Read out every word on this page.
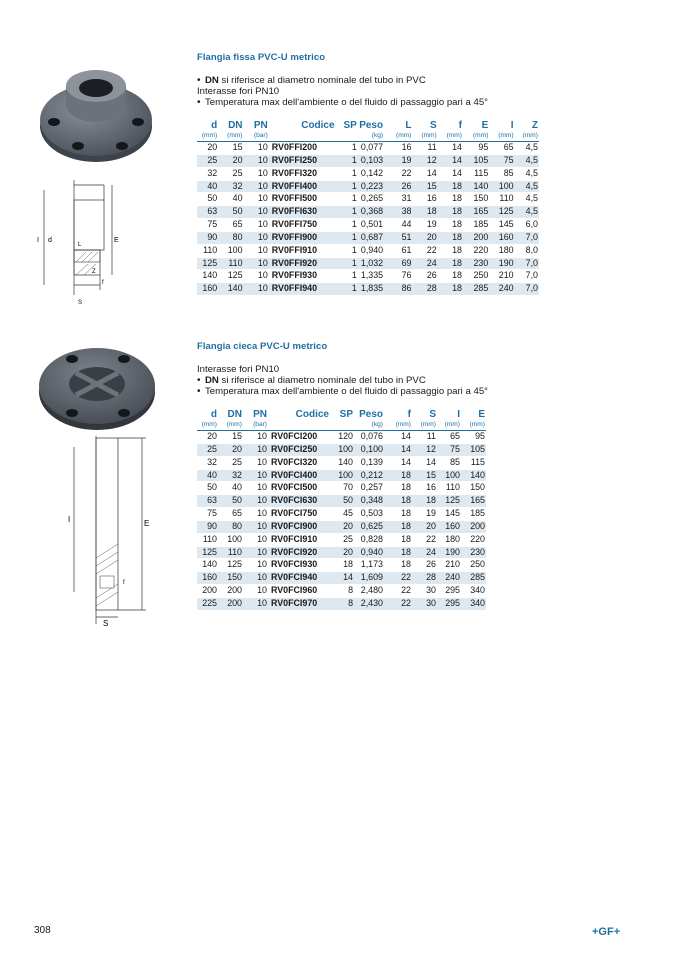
Flangia fissa PVC-U metrico
• DN si riferisce al diametro nominale del tubo in PVC
Interasse fori PN10
• Temperatura max dell'ambiente o del fluido di passaggio pari a 45°
d	DN	PN	Codice	SP	Peso	L	S	f	E	I	Z
(mm)	(mm)	(bar)			(kg)	(mm)	(mm)	(mm)	(mm)	(mm)	(mm)
20	15	10	RV0FFI200	1	0,077	16	11	14	95	65	4,5
25	20	10	RV0FFI250	1	0,103	19	12	14	105	75	4,5
32	25	10	RV0FFI320	1	0,142	22	14	14	115	85	4,5
40	32	10	RV0FFI400	1	0,223	26	15	18	140	100	4,5
50	40	10	RV0FFI500	1	0,265	31	16	18	150	110	4,5
63	50	10	RV0FFI630	1	0,368	38	18	18	165	125	4,5
75	65	10	RV0FFI750	1	0,501	44	19	18	185	145	6,0
90	80	10	RV0FFI900	1	0,687	51	20	18	200	160	7,0
110	100	10	RV0FFI910	1	0,940	61	22	18	220	180	8,0
125	110	10	RV0FFI920	1	1,032	69	24	18	230	190	7,0
140	125	10	RV0FFI930	1	1,335	76	26	18	250	210	7,0
160	140	10	RV0FFI940	1	1,835	86	28	18	285	240	7,0
Flangia cieca PVC-U metrico
Interasse fori PN10
• DN si riferisce al diametro nominale del tubo in PVC
• Temperatura max dell'ambiente o del fluido di passaggio pari a 45°
d	DN	PN	Codice	SP	Peso	f	S	I	E
(mm)	(mm)	(bar)			(kg)	(mm)	(mm)	(mm)	(mm)
20	15	10	RV0FCI200	120	0,076	14	11	65	95
25	20	10	RV0FCI250	100	0,100	14	12	75	105
32	25	10	RV0FCI320	140	0,139	14	14	85	115
40	32	10	RV0FCI400	100	0,212	18	15	100	140
50	40	10	RV0FCI500	70	0,257	18	16	110	150
63	50	10	RV0FCI630	50	0,348	18	18	125	165
75	65	10	RV0FCI750	45	0,503	18	19	145	185
90	80	10	RV0FCI900	20	0,625	18	20	160	200
110	100	10	RV0FCI910	25	0,828	18	22	180	220
125	110	10	RV0FCI920	20	0,940	18	24	190	230
140	125	10	RV0FCI930	18	1,173	18	26	210	250
160	150	10	RV0FCI940	14	1,609	22	28	240	285
200	200	10	RV0FCI960	8	2,480	22	30	295	340
225	200	10	RV0FCI970	8	2,430	22	30	295	340
d
I	E
L
Z
f
S
I	E
f
S
308	+GF+
